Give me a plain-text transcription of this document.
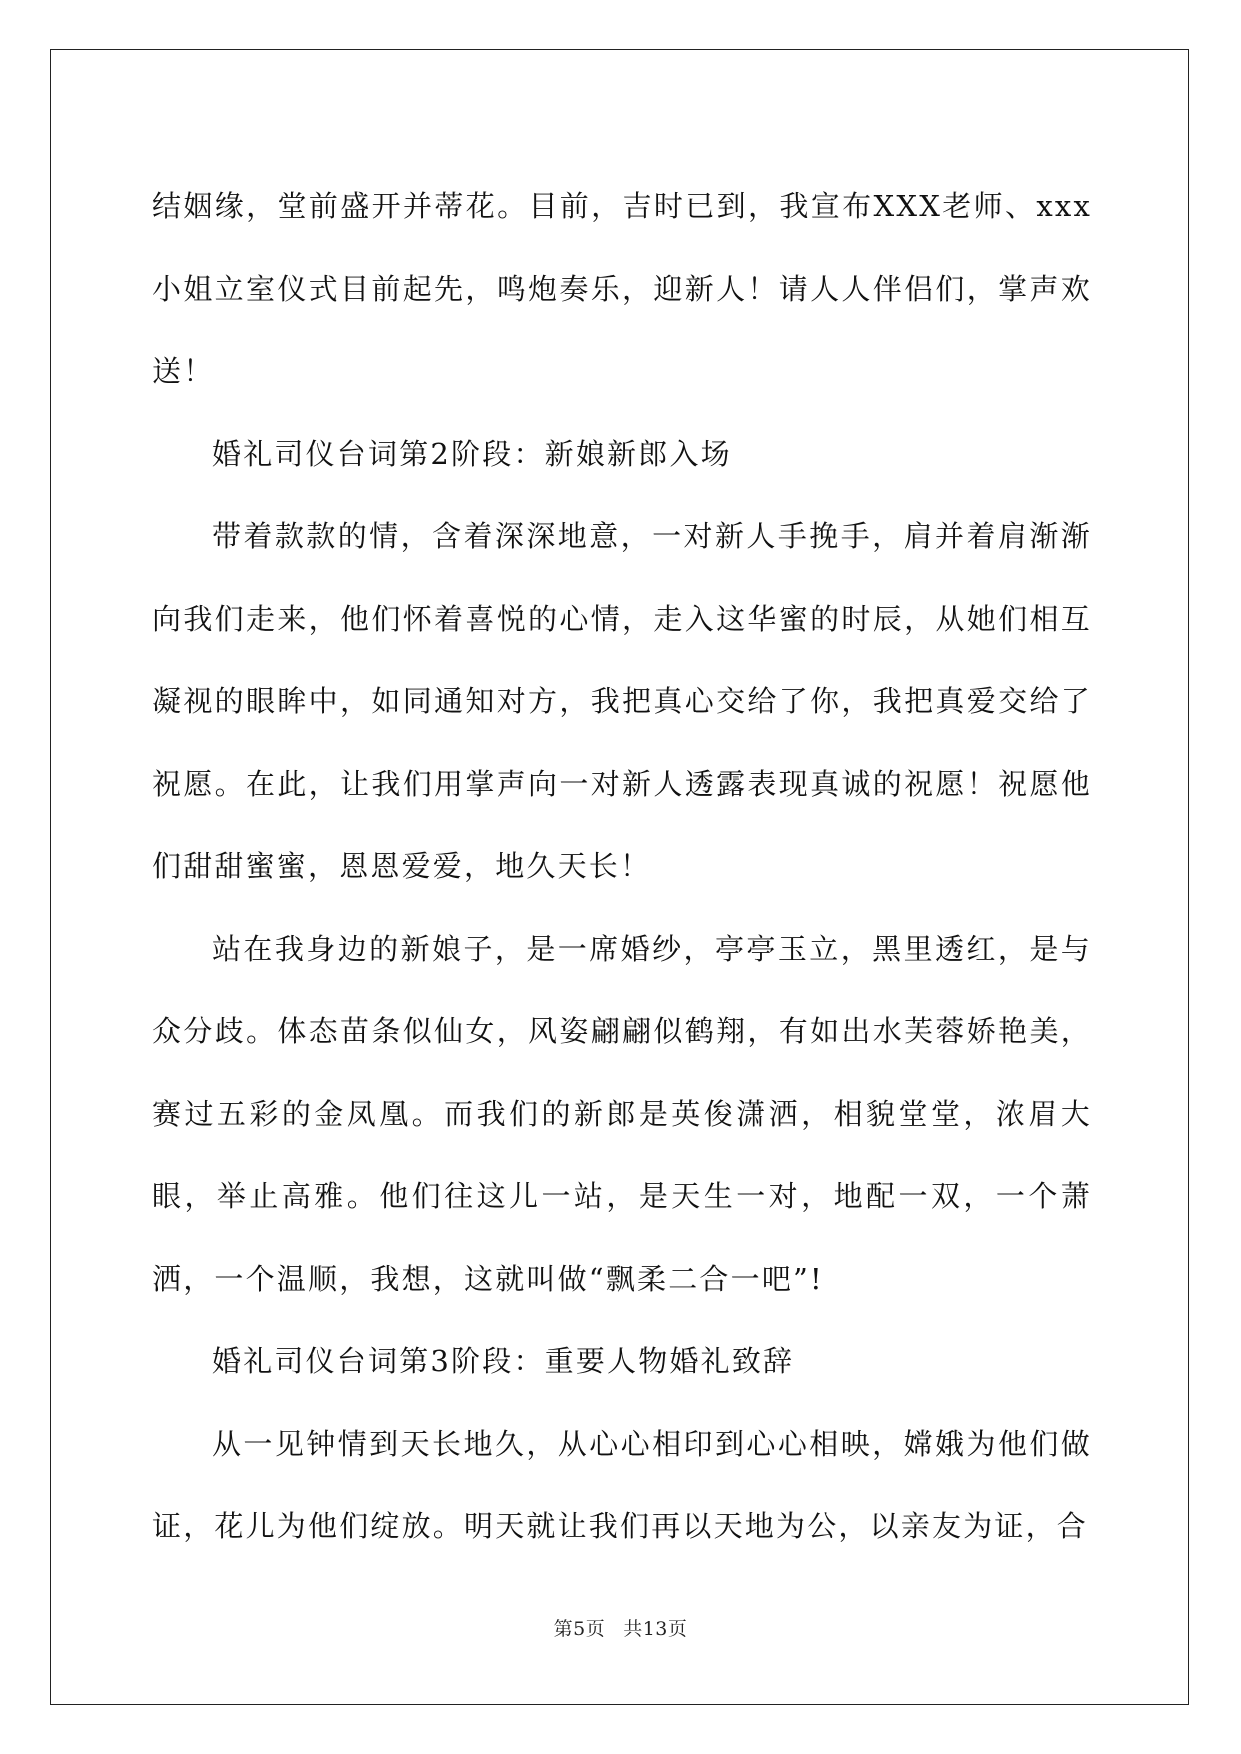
结姻缘，堂前盛开并蒂花。目前，吉时已到，我宣布XXX老师、xxx小姐立室仪式目前起先，鸣炮奏乐，迎新人！请人人伴侣们，掌声欢送！

婚礼司仪台词第2阶段：新娘新郎入场

带着款款的情，含着深深地意，一对新人手挽手，肩并着肩渐渐向我们走来，他们怀着喜悦的心情，走入这华蜜的时辰，从她们相互凝视的眼眸中，如同通知对方，我把真心交给了你，我把真爱交给了祝愿。在此，让我们用掌声向一对新人透露表现真诚的祝愿！祝愿他们甜甜蜜蜜，恩恩爱爱，地久天长！

站在我身边的新娘子，是一席婚纱，亭亭玉立，黑里透红，是与众分歧。体态苗条似仙女，风姿翩翩似鹤翔，有如出水芙蓉娇艳美，赛过五彩的金凤凰。而我们的新郎是英俊潇洒，相貌堂堂，浓眉大眼，举止高雅。他们往这儿一站，是天生一对，地配一双，一个萧洒，一个温顺，我想，这就叫做“飘柔二合一吧”!

婚礼司仪台词第3阶段：重要人物婚礼致辞

从一见钟情到天长地久，从心心相印到心心相映，嫦娥为他们做证，花儿为他们绽放。明天就让我们再以天地为公，以亲友为证，合

第5页 共13页
